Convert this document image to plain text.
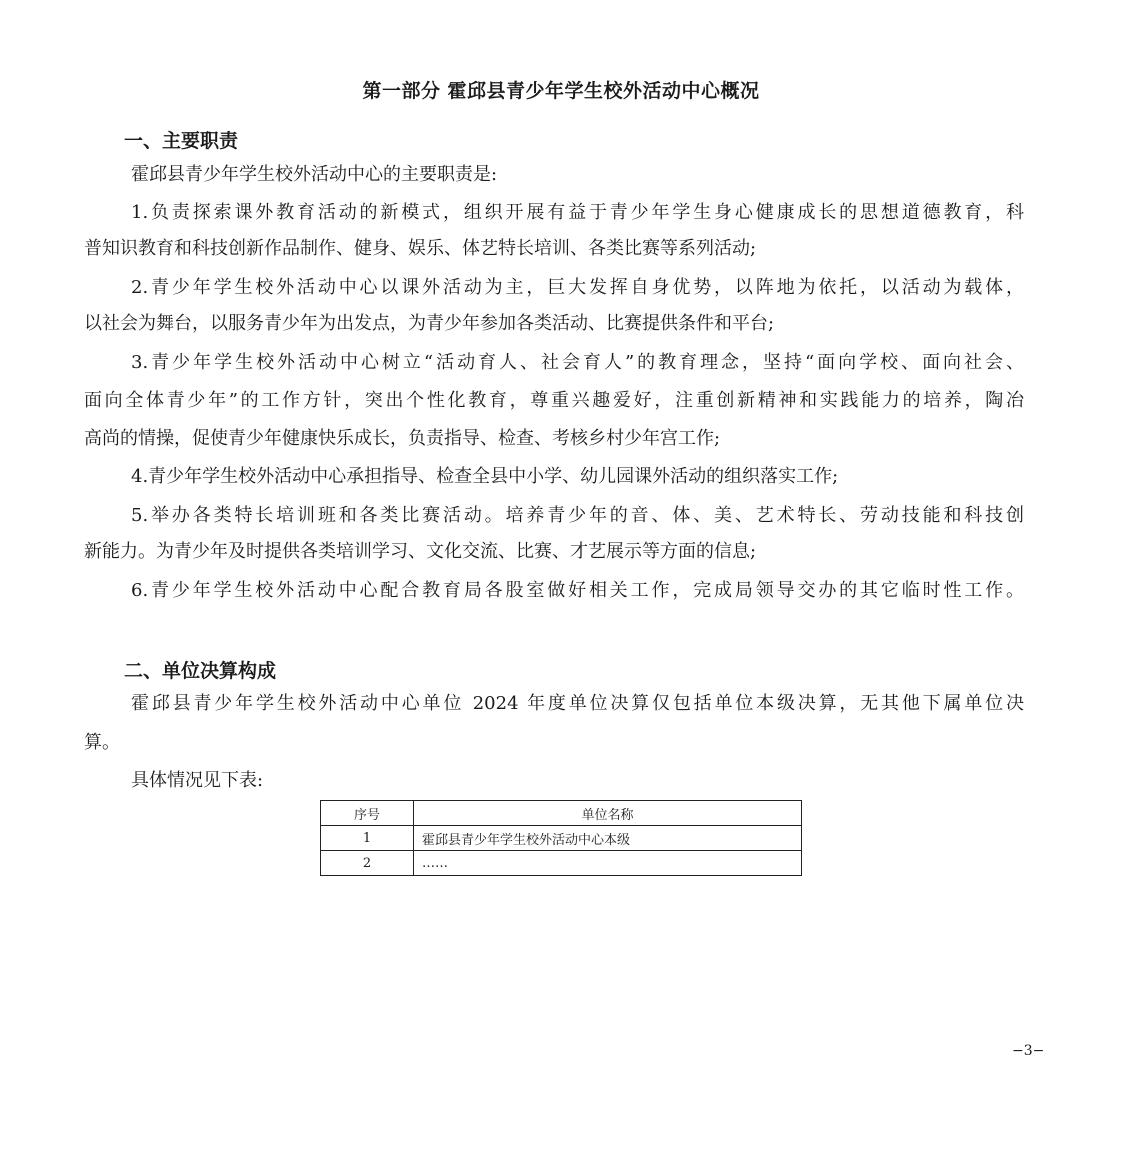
第一部分 霍邱县青少年学生校外活动中心概况
一、主要职责
霍邱县青少年学生校外活动中心的主要职责是:
1.负责探索课外教育活动的新模式，组织开展有益于青少年学生身心健康成长的思想道德教育，科
普知识教育和科技创新作品制作、健身、娱乐、体艺特长培训、各类比赛等系列活动;
2.青少年学生校外活动中心以课外活动为主，巨大发挥自身优势，以阵地为依托，以活动为载体，
以社会为舞台，以服务青少年为出发点，为青少年参加各类活动、比赛提供条件和平台;
3.青少年学生校外活动中心树立“活动育人、社会育人”的教育理念，坚持“面向学校、面向社会、
面向全体青少年”的工作方针，突出个性化教育，尊重兴趣爱好，注重创新精神和实践能力的培养，陶冶
高尚的情操，促使青少年健康快乐成长，负责指导、检查、考核乡村少年宫工作;
4.青少年学生校外活动中心承担指导、检查全县中小学、幼儿园课外活动的组织落实工作;
5.举办各类特长培训班和各类比赛活动。培养青少年的音、体、美、艺术特长、劳动技能和科技创
新能力。为青少年及时提供各类培训学习、文化交流、比赛、才艺展示等方面的信息;
6.青少年学生校外活动中心配合教育局各股室做好相关工作，完成局领导交办的其它临时性工作。
二、单位决算构成
霍邱县青少年学生校外活动中心单位 2024 年度单位决算仅包括单位本级决算，无其他下属单位决
算。
具体情况见下表:
序号	单位名称
1	霍邱县青少年学生校外活动中心本级
2	……
−3−
